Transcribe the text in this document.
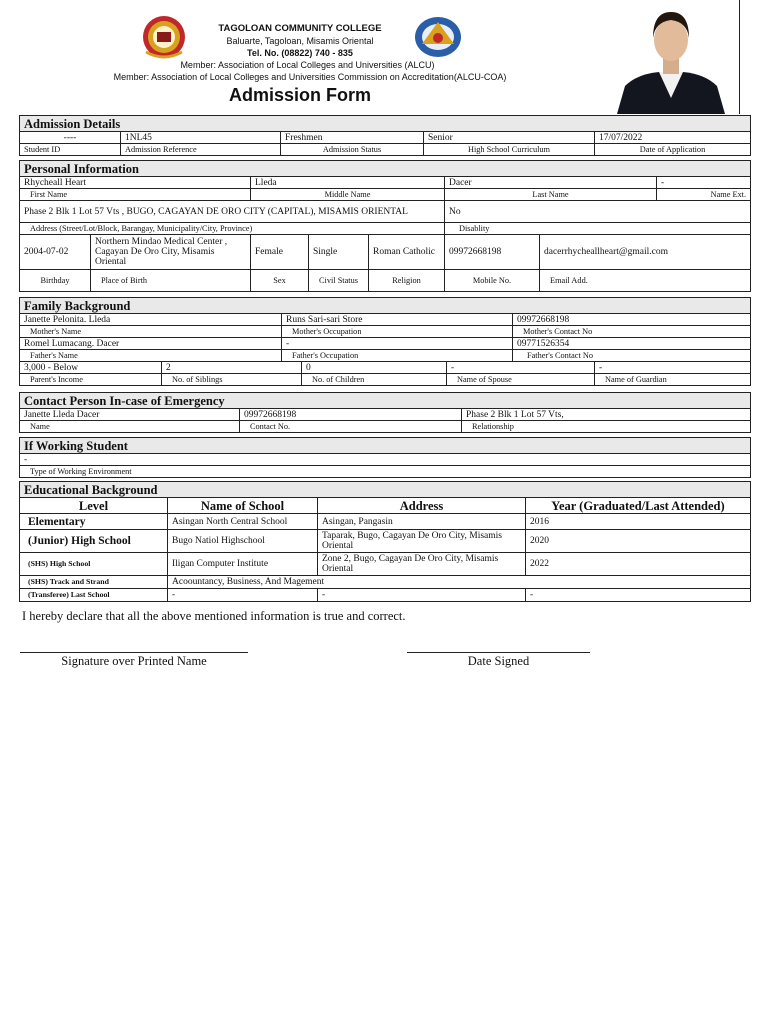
TAGOLOAN COMMUNITY COLLEGE
Baluarte, Tagoloan, Misamis Oriental
Tel. No. (08822) 740 - 835
Member: Association of Local Colleges and Universities (ALCU)
Member: Association of Local Colleges and Universities Commission on Accreditation(ALCU-COA)
Admission Form
Admission Details				
----	1NL45	Freshmen	Senior	17/07/2022
Student ID	Admission Reference	Admission Status	High School Curriculum	Date of Application
Personal Information							
Rhycheall Heart		Lleda			Dacer		-
First Name		Middle Name			Last Name		Name Ext.
Phase 2 Blk 1 Lot 57 Vts , BUGO, CAGAYAN DE ORO CITY (CAPITAL), MISAMIS ORIENTAL					No		
Address (Street/Lot/Block, Barangay, Municipality/City, Province)					Disablity		
2004-07-02	Northern Mindao Medical Center , Cagayan De Oro City, Misamis Oriental	Female	Single	Roman Catholic	09972668198	dacerrhycheallheart@gmail.com	
Birthday	Place of Birth	Sex	Civil Status	Religion	Mobile No.	Email Add.	
Family Background						
Janette Pelonita. Lleda		Runs Sari-sari Store			09972668198	
Mother's Name		Mother's Occupation			Mother's Contact No	
Romel Lumacang. Dacer		-			09771526354	
Father's Name		Father's Occupation			Father's Contact No	
3,000 - Below	2		0	-		-
Parent's Income	No. of Siblings		No. of Children	Name of Spouse		Name of Guardian
Contact Person In-case of Emergency		
Janette Lleda Dacer	09972668198	Phase 2 Blk 1 Lot 57 Vts,
Name	Contact No.	Relationship
If Working Student
-
Type of Working Environment
Educational Background			
Level	Name of School	Address	Year (Graduated/Last Attended)
Elementary	Asingan North Central School	Asingan, Pangasin	2016
(Junior) High School	Bugo Natiol Highschool	Taparak, Bugo, Cagayan De Oro City, Misamis Oriental	2020
(SHS) High School	Iligan Computer Institute	Zone 2, Bugo, Cagayan De Oro City, Misamis Oriental	2022
(SHS) Track and Strand	Acoountancy, Business, And Magement		
(Transferee) Last School	-	-	-
I hereby declare that all the above mentioned information is true and correct.
Signature over Printed Name	Date Signed
